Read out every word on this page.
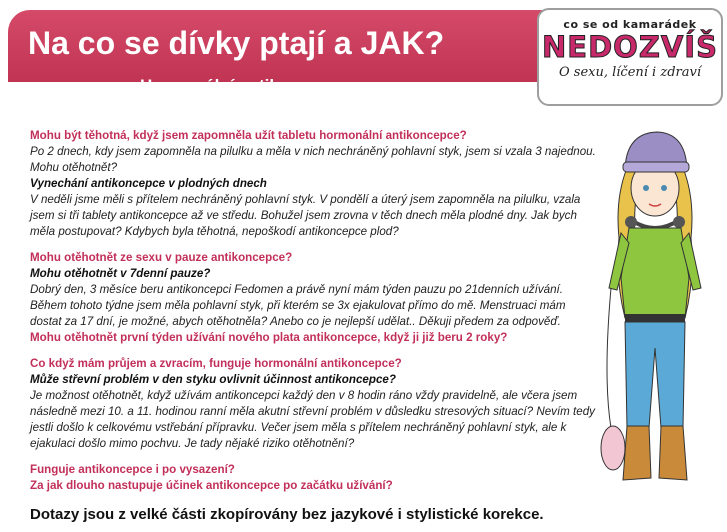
Na co se dívky ptají a JAK?
Hormonální antikoncepce
co se od kamarádek
NEDOZVÍŠ
O sexu, líčení i zdraví

Mohu být těhotná, když jsem zapomněla užít tabletu hormonální antikoncepce?

Po 2 dnech, kdy jsem zapomněla na pilulku a měla v nich nechráněný pohlavní styk, jsem si vzala 3 najednou. Mohu otěhotnět?

Vynechání antikoncepce v plodných dnech

V neděli jsme měli s přítelem nechráněný pohlavní styk. V pondělí a úterý jsem zapomněla na pilulku, vzala jsem si tři tablety antikoncepce až ve středu. Bohužel jsem zrovna v těch dnech měla plodné dny. Jak bych měla postupovat? Kdybych byla těhotná, nepoškodí antikoncepce plod?

Mohu otěhotnět ze sexu v pauze antikoncepce?

Mohu otěhotnět v 7denní pauze?

Dobrý den, 3 měsíce beru antikoncepci Fedomen a právě nyní mám týden pauzu po 21denních užívání. Během tohoto týdne jsem měla pohlavní styk, při kterém se 3x ejakulovat přímo do mě. Menstruaci mám dostat za 17 dní, je možné, abych otěhotněla? Anebo co je nejlepší udělat.. Děkuji předem za odpověď.

Mohu otěhotnět první týden užívání nového plata antikoncepce, když ji již beru 2 roky?

Co když mám průjem a zvracím, funguje hormonální antikoncepce?

Může střevní problém v den styku ovlivnit účinnost antikoncepce?

Je možnost otěhotnět, když užívám antikoncepci každý den v 8 hodin ráno vždy pravidelně, ale včera jsem následně mezi 10. a 11. hodinou ranní měla akutní střevní problém v důsledku stresových situací? Nevím tedy jestli došlo k celkovému vstřebání přípravku. Večer jsem měla s přítelem nechráněný pohlavní styk, ale k ejakulaci došlo mimo pochvu. Je tady nějaké riziko otěhotnění?

Funguje antikoncepce i po vysazení?

Za jak dlouho nastupuje účinek antikoncepce po začátku užívání?

Dotazy jsou z velké části zkopírovány bez jazykové i stylistické korekce.
